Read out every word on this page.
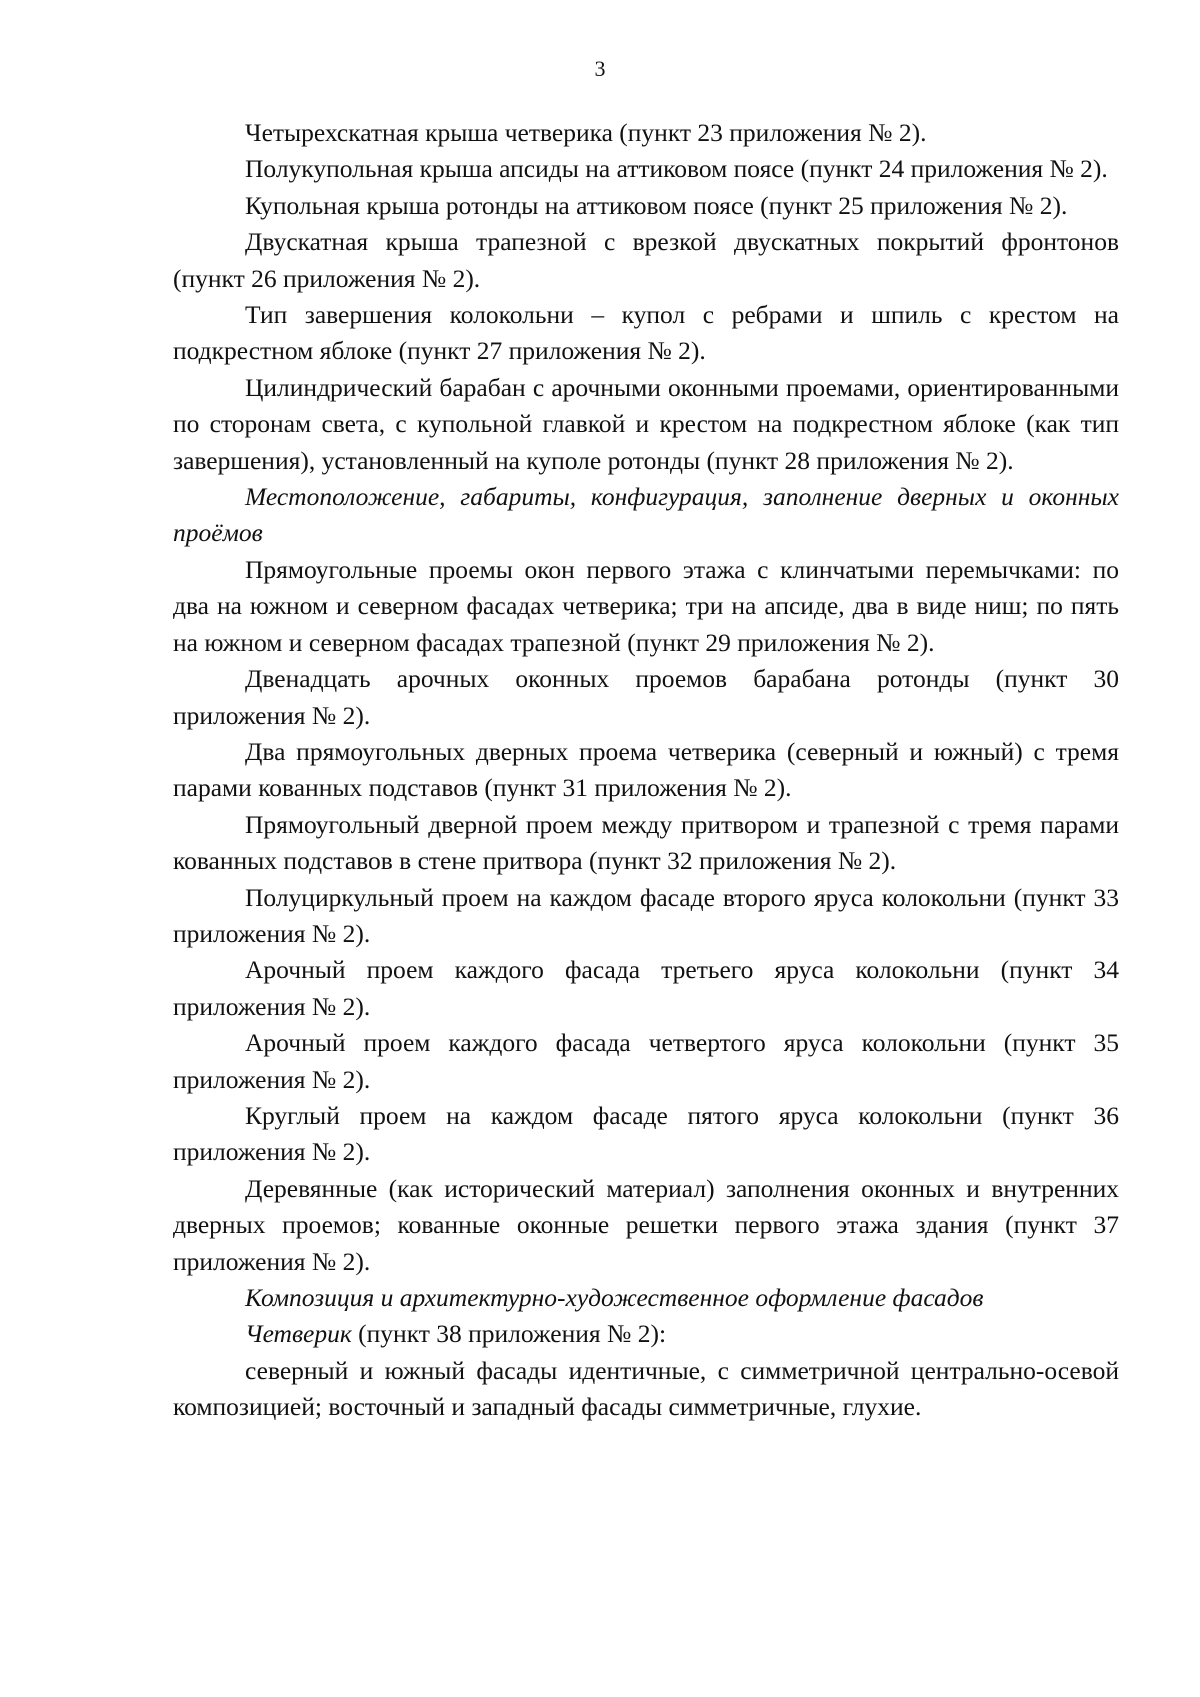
3

Четырехскатная крыша четверика (пункт 23 приложения № 2).

Полукупольная крыша апсиды на аттиковом поясе (пункт 24 приложения № 2).

Купольная крыша ротонды на аттиковом поясе (пункт 25 приложения № 2).

Двускатная крыша трапезной с врезкой двускатных покрытий фронтонов (пункт 26 приложения № 2).

Тип завершения колокольни – купол с ребрами и шпиль с крестом на подкрестном яблоке (пункт 27 приложения № 2).

Цилиндрический барабан с арочными оконными проемами, ориентированными по сторонам света, с купольной главкой и крестом на подкрестном яблоке (как тип завершения), установленный на куполе ротонды (пункт 28 приложения № 2).

Местоположение, габариты, конфигурация, заполнение дверных и оконных проёмов

Прямоугольные проемы окон первого этажа с клинчатыми перемычками: по два на южном и северном фасадах четверика; три на апсиде, два в виде ниш; по пять на южном и северном фасадах трапезной (пункт 29 приложения № 2).

Двенадцать арочных оконных проемов барабана ротонды (пункт 30 приложения № 2).

Два прямоугольных дверных проема четверика (северный и южный) с тремя парами кованных подставов (пункт 31 приложения № 2).

Прямоугольный дверной проем между притвором и трапезной с тремя парами кованных подставов в стене притвора (пункт 32 приложения № 2).

Полуциркульный проем на каждом фасаде второго яруса колокольни (пункт 33 приложения № 2).

Арочный проем каждого фасада третьего яруса колокольни (пункт 34 приложения № 2).

Арочный проем каждого фасада четвертого яруса колокольни (пункт 35 приложения № 2).

Круглый проем на каждом фасаде пятого яруса колокольни (пункт 36 приложения № 2).

Деревянные (как исторический материал) заполнения оконных и внутренних дверных проемов; кованные оконные решетки первого этажа здания (пункт 37 приложения № 2).

Композиция и архитектурно-художественное оформление фасадов

Четверик (пункт 38 приложения № 2):

северный и южный фасады идентичные, с симметричной центрально-осевой композицией; восточный и западный фасады симметричные, глухие.
